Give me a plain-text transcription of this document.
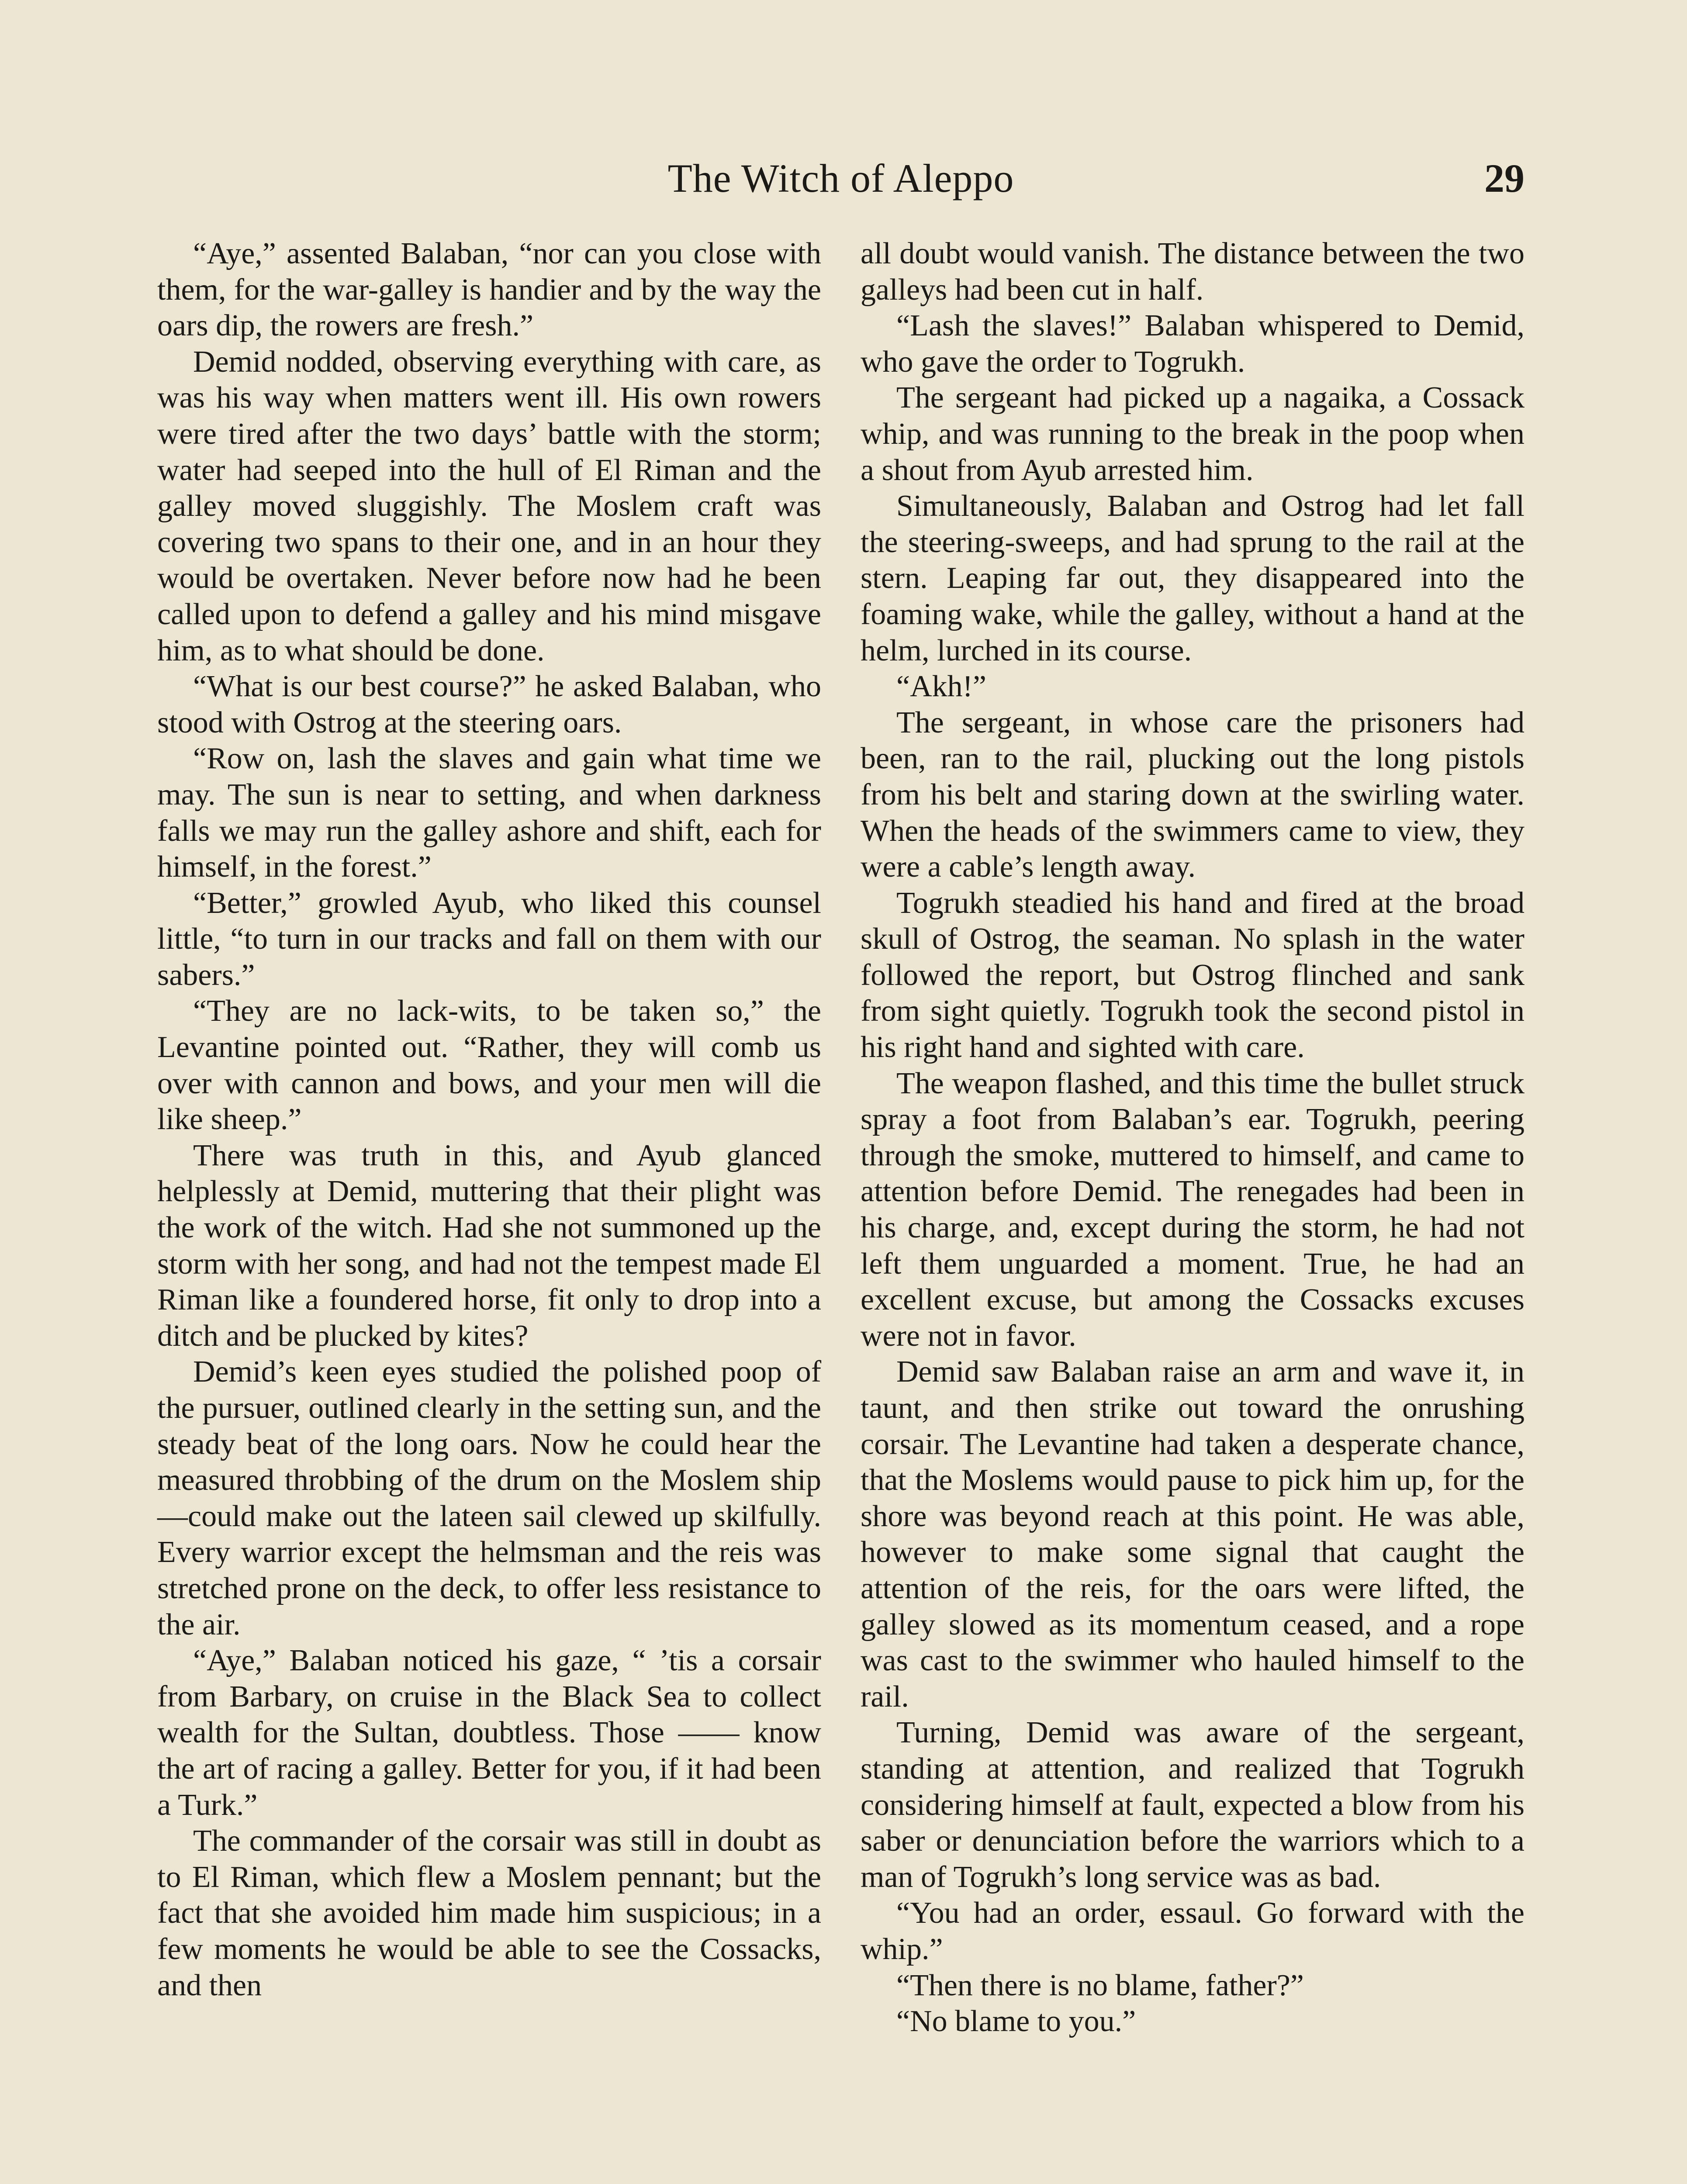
The Witch of Aleppo	29

“Aye,” assented Balaban, “nor can you close with them, for the war-galley is handier and by the way the oars dip, the rowers are fresh.”

Demid nodded, observing everything with care, as was his way when matters went ill. His own rowers were tired after the two days’ battle with the storm; water had seeped into the hull of El Riman and the galley moved sluggishly. The Moslem craft was covering two spans to their one, and in an hour they would be overtaken. Never before now had he been called upon to defend a galley and his mind misgave him, as to what should be done.

“What is our best course?” he asked Balaban, who stood with Ostrog at the steering oars.

“Row on, lash the slaves and gain what time we may. The sun is near to setting, and when darkness falls we may run the galley ashore and shift, each for himself, in the forest.”

“Better,” growled Ayub, who liked this counsel little, “to turn in our tracks and fall on them with our sabers.”

“They are no lack-wits, to be taken so,” the Levantine pointed out. “Rather, they will comb us over with cannon and bows, and your men will die like sheep.”

There was truth in this, and Ayub glanced helplessly at Demid, muttering that their plight was the work of the witch. Had she not summoned up the storm with her song, and had not the tempest made El Riman like a foundered horse, fit only to drop into a ditch and be plucked by kites?

Demid’s keen eyes studied the polished poop of the pursuer, outlined clearly in the setting sun, and the steady beat of the long oars. Now he could hear the measured throbbing of the drum on the Moslem ship —could make out the lateen sail clewed up skilfully. Every warrior except the helmsman and the reis was stretched prone on the deck, to offer less resistance to the air.

“Aye,” Balaban noticed his gaze, “ ’tis a corsair from Barbary, on cruise in the Black Sea to collect wealth for the Sultan, doubtless. Those —— know the art of racing a galley. Better for you, if it had been a Turk.”

The commander of the corsair was still in doubt as to El Riman, which flew a Moslem pennant; but the fact that she avoided him made him suspicious; in a few moments he would be able to see the Cossacks, and then

all doubt would vanish. The distance between the two galleys had been cut in half.

“Lash the slaves!” Balaban whispered to Demid, who gave the order to Togrukh.

The sergeant had picked up a nagaika, a Cossack whip, and was running to the break in the poop when a shout from Ayub arrested him.

Simultaneously, Balaban and Ostrog had let fall the steering-sweeps, and had sprung to the rail at the stern. Leaping far out, they disappeared into the foaming wake, while the galley, without a hand at the helm, lurched in its course.

“Akh!”

The sergeant, in whose care the prisoners had been, ran to the rail, plucking out the long pistols from his belt and staring down at the swirling water. When the heads of the swimmers came to view, they were a cable’s length away.

Togrukh steadied his hand and fired at the broad skull of Ostrog, the seaman. No splash in the water followed the report, but Ostrog flinched and sank from sight quietly. Togrukh took the second pistol in his right hand and sighted with care.

The weapon flashed, and this time the bullet struck spray a foot from Balaban’s ear. Togrukh, peering through the smoke, muttered to himself, and came to attention before Demid. The renegades had been in his charge, and, except during the storm, he had not left them unguarded a moment. True, he had an excellent excuse, but among the Cossacks excuses were not in favor.

Demid saw Balaban raise an arm and wave it, in taunt, and then strike out toward the onrushing corsair. The Levantine had taken a desperate chance, that the Moslems would pause to pick him up, for the shore was beyond reach at this point. He was able, however to make some signal that caught the attention of the reis, for the oars were lifted, the galley slowed as its momentum ceased, and a rope was cast to the swimmer who hauled himself to the rail.

Turning, Demid was aware of the sergeant, standing at attention, and realized that Togrukh considering himself at fault, expected a blow from his saber or denunciation before the warriors which to a man of Togrukh’s long service was as bad.

“You had an order, essaul. Go forward with the whip.”

“Then there is no blame, father?”

“No blame to you.”
